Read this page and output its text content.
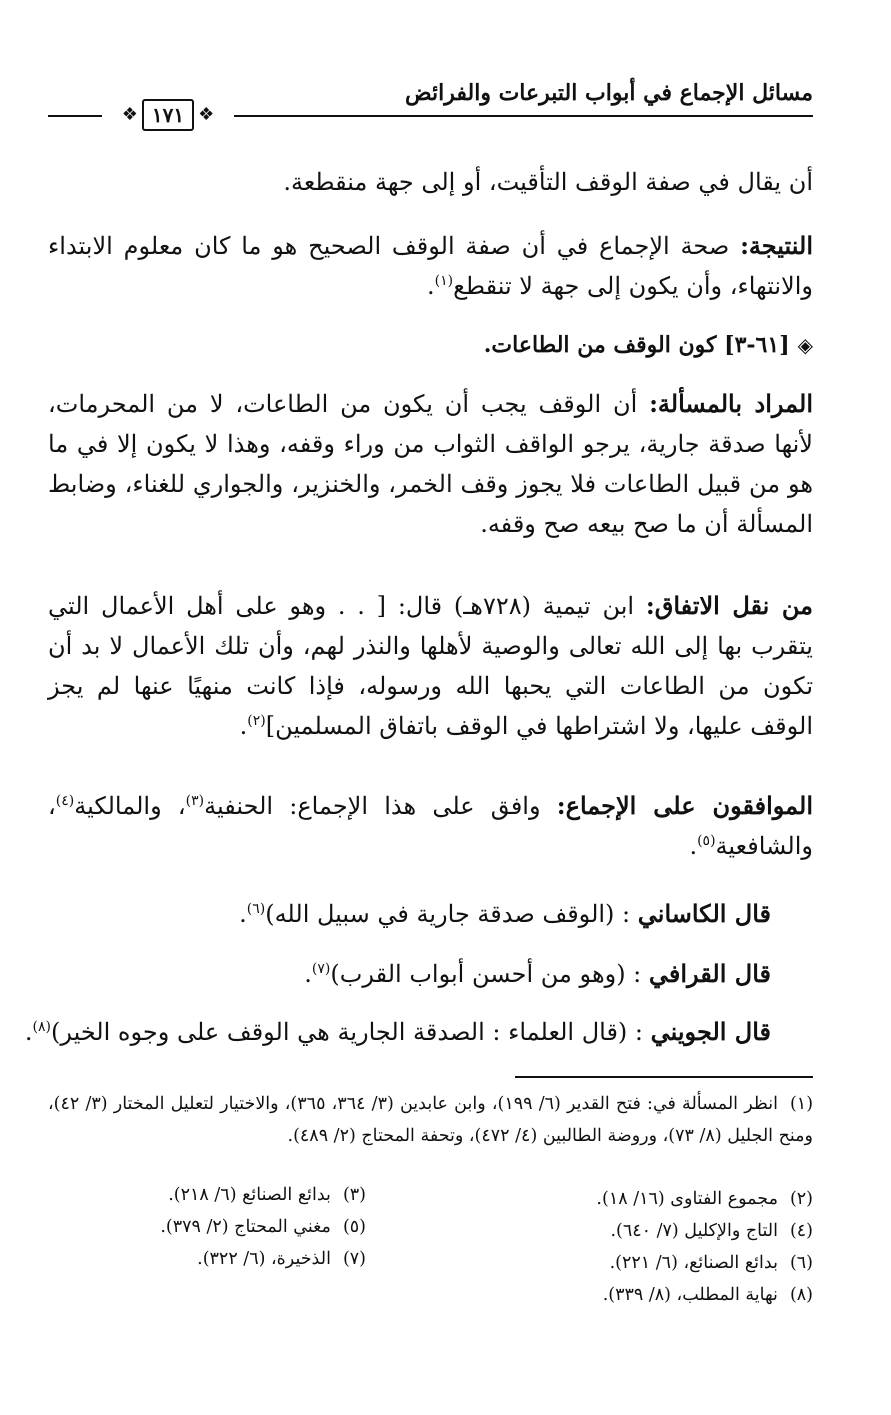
مسائل الإجماع في أبواب التبرعات والفرائض
❖
١٧١
❖

أن يقال في صفة الوقف التأقيت، أو إلى جهة منقطعة.

النتيجة: صحة الإجماع في أن صفة الوقف الصحيح هو ما كان معلوم الابتداء والانتهاء، وأن يكون إلى جهة لا تنقطع$^{(١)}$.

◈[٦١-٣] كون الوقف من الطاعات.

المراد بالمسألة: أن الوقف يجب أن يكون من الطاعات، لا من المحرمات، لأنها صدقة جارية، يرجو الواقف الثواب من وراء وقفه، وهذا لا يكون إلا في ما هو من قبيل الطاعات فلا يجوز وقف الخمر، والخنزير، والجواري للغناء، وضابط المسألة أن ما صح بيعه صح وقفه.

من نقل الاتفاق: ابن تيمية (٧٢٨هـ) قال: [ . . وهو على أهل الأعمال التي يتقرب بها إلى الله تعالى والوصية لأهلها والنذر لهم، وأن تلك الأعمال لا بد أن تكون من الطاعات التي يحبها الله ورسوله، فإذا كانت منهيًا عنها لم يجز الوقف عليها، ولا اشتراطها في الوقف باتفاق المسلمين]$^{(٢)}$.

الموافقون على الإجماع: وافق على هذا الإجماع: الحنفية$^{(٣)}$، والمالكية$^{(٤)}$، والشافعية$^{(٥)}$.

قال الكاساني : (الوقف صدقة جارية في سبيل الله)$^{(٦)}$.
قال القرافي : (وهو من أحسن أبواب القرب)$^{(٧)}$.
قال الجويني : (قال العلماء : الصدقة الجارية هي الوقف على وجوه الخير)$^{(٨)}$.

(١)انظر المسألة في: فتح القدير (٦/ ١٩٩)، وابن عابدين (٣/ ٣٦٤، ٣٦٥)، والاختيار لتعليل المختار (٣/ ٤٢)، ومنح الجليل (٨/ ٧٣)، وروضة الطالبين (٤/ ٤٧٢)، وتحفة المحتاج (٢/ ٤٨٩).

(٢)مجموع الفتاوى (١٦/ ١٨).
(٣)بدائع الصنائع (٦/ ٢١٨).
(٤)التاج والإكليل (٧/ ٦٤٠).
(٥)مغني المحتاج (٢/ ٣٧٩).
(٦)بدائع الصنائع، (٦/ ٢٢١).
(٧)الذخيرة، (٦/ ٣٢٢).
(٨)نهاية المطلب، (٨/ ٣٣٩).
